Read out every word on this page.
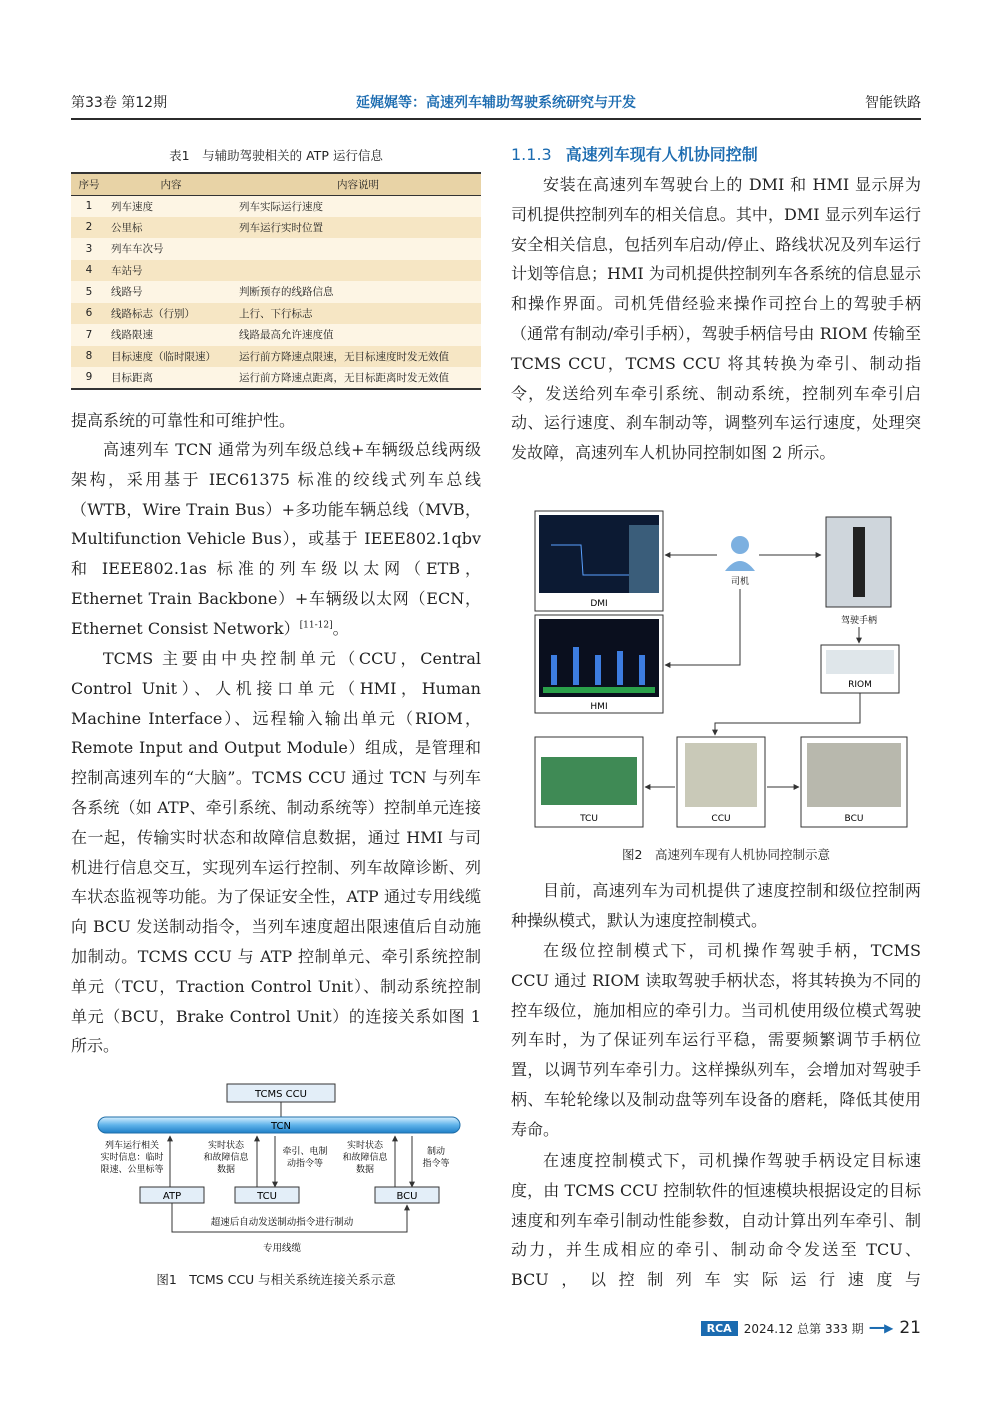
第33卷 第12期	延娓娓等：高速列车辅助驾驶系统研究与开发	智能铁路
表1　与辅助驾驶相关的 ATP 运行信息
序号	内容	内容说明
1	列车速度	列车实际运行速度
2	公里标	列车运行实时位置
3	列车车次号	
4	车站号	
5	线路号	判断预存的线路信息
6	线路标志（行别）	上行、下行标志
7	线路限速	线路最高允许速度值
8	目标速度（临时限速）	运行前方降速点限速，无目标速度时发无效值
9	目标距离	运行前方降速点距离，无目标距离时发无效值
提高系统的可靠性和可维护性。
高速列车 TCN 通常为列车级总线+车辆级总线两级架构，采用基于 IEC61375 标准的绞线式列车总线（WTB，Wire Train Bus）+多功能车辆总线（MVB，Multifunction Vehicle Bus），或基于 IEEE802.1qbv 和 IEEE802.1as 标准的列车级以太网（ETB，Ethernet Train Backbone）+车辆级以太网（ECN，Ethernet Consist Network）[11-12]。
TCMS 主要由中央控制单元（CCU，Central Control Unit）、人机接口单元（HMI，Human Machine Interface）、远程输入输出单元（RIOM，Remote Input and Output Module）组成，是管理和控制高速列车的“大脑”。TCMS CCU 通过 TCN 与列车各系统（如 ATP、牵引系统、制动系统等）控制单元连接在一起，传输实时状态和故障信息数据，通过 HMI 与司机进行信息交互，实现列车运行控制、列车故障诊断、列车状态监视等功能。为了保证安全性，ATP 通过专用线缆向 BCU 发送制动指令，当列车速度超出限速值后自动施加制动。TCMS CCU 与 ATP 控制单元、牵引系统控制单元（TCU，Traction Control Unit）、制动系统控制单元（BCU，Brake Control Unit）的连接关系如图 1 所示。
TCMS CCU
TCN
列车运行相关
实时信息：临时
限速、公里标等
实时状态
和故障信息
数据
牵引、电制
动指令等
实时状态
和故障信息
数据
制动
指令等
ATP	TCU	BCU
超速后自动发送制动指令进行制动
专用线缆
图1　TCMS CCU 与相关系统连接关系示意
1.1.3 高速列车现有人机协同控制
安装在高速列车驾驶台上的 DMI 和 HMI 显示屏为司机提供控制列车的相关信息。其中，DMI 显示列车运行安全相关信息，包括列车启动/停止、路线状况及列车运行计划等信息；HMI 为司机提供控制列车各系统的信息显示和操作界面。司机凭借经验来操作司控台上的驾驶手柄（通常有制动/牵引手柄），驾驶手柄信号由 RIOM 传输至 TCMS CCU，TCMS CCU 将其转换为牵引、制动指令，发送给列车牵引系统、制动系统，控制列车牵引启动、运行速度、刹车制动等，调整列车运行速度，处理突发故障，高速列车人机协同控制如图 2 所示。
DMI
HMI
司机
驾驶手柄
RIOM
TCU	CCU	BCU
图2　高速列车现有人机协同控制示意
目前，高速列车为司机提供了速度控制和级位控制两种操纵模式，默认为速度控制模式。
在级位控制模式下，司机操作驾驶手柄，TCMS CCU 通过 RIOM 读取驾驶手柄状态，将其转换为不同的控车级位，施加相应的牵引力。当司机使用级位模式驾驶列车时，为了保证列车运行平稳，需要频繁调节手柄位置，以调节列车牵引力。这样操纵列车，会增加对驾驶手柄、车轮轮缘以及制动盘等列车设备的磨耗，降低其使用寿命。
在速度控制模式下，司机操作驾驶手柄设定目标速度，由 TCMS CCU 控制软件的恒速模块根据设定的目标速度和列车牵引制动性能参数，自动计算出列车牵引、制动力，并生成相应的牵引、制动命令发送至 TCU、BCU，以控制列车实际运行速度与
RCA	2024.12 总第 333 期 ━━▶ 21
